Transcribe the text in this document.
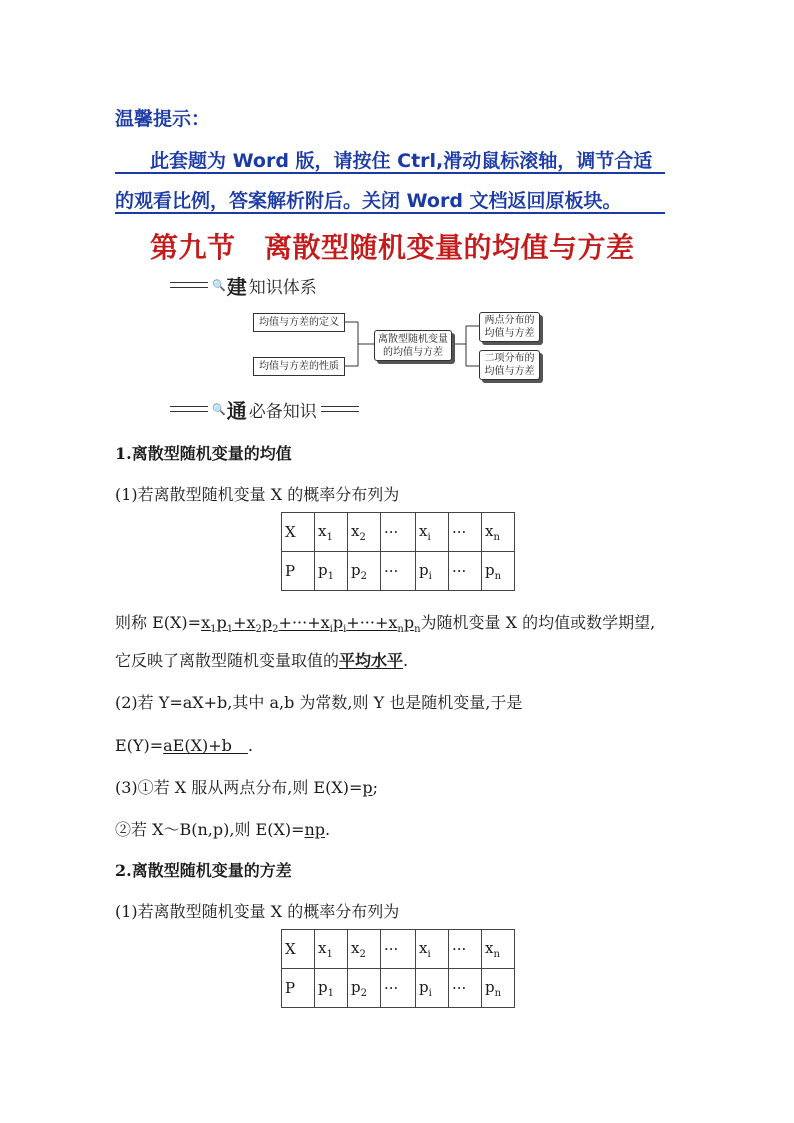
温馨提示：
此套题为 Word 版，请按住 Ctrl,滑动鼠标滚轴，调节合适
的观看比例，答案解析附后。关闭 Word 文档返回原板块。
第九节　离散型随机变量的均值与方差
🔍 建 知识体系
均值与方差的定义
均值与方差的性质
离散型随机变量
的均值与方差
两点分布的
均值与方差
二项分布的
均值与方差
🔍 通 必备知识
1.离散型随机变量的均值
(1)若离散型随机变量 X 的概率分布列为
X	$x_1$	$x_2$	···	$x_i$	···	$x_n$
P	$p_1$	$p_2$	···	$p_i$	···	$p_n$
则称 $E(X)=x_1p_1+x_2p_2+\cdot\cdot\cdot+x_ip_i+\cdot\cdot\cdot+x_np_n$为随机变量 X 的均值或数学期望,
它反映了离散型随机变量取值的平均水平.
(2)若 Y=aX+b,其中 a,b 为常数,则 Y 也是随机变量,于是
E(Y)=aE(X)+b　.
(3)①若 X 服从两点分布,则 E(X)=p;
②若 X～B(n,p),则 E(X)=np.
2.离散型随机变量的方差
(1)若离散型随机变量 X 的概率分布列为
X	$x_1$	$x_2$	···	$x_i$	···	$x_n$
P	$p_1$	$p_2$	···	$p_i$	···	$p_n$
